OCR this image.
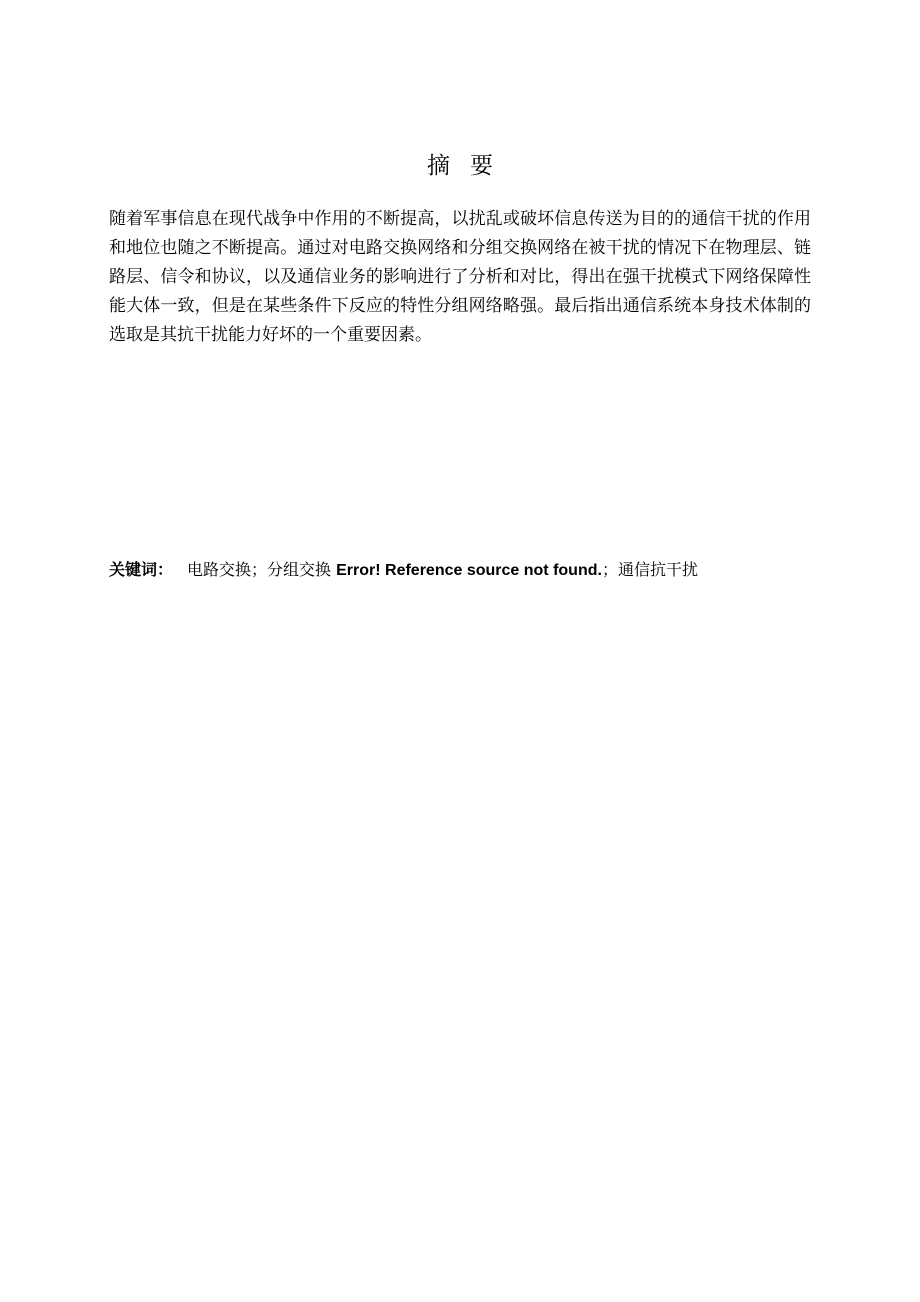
摘要

随着军事信息在现代战争中作用的不断提高，以扰乱或破坏信息传送为目的的通信干扰的作用和地位也随之不断提高。通过对电路交换网络和分组交换网络在被干扰的情况下在物理层、链路层、信令和协议，以及通信业务的影响进行了分析和对比，得出在强干扰模式下网络保障性能大体一致，但是在某些条件下反应的特性分组网络略强。最后指出通信系统本身技术体制的选取是其抗干扰能力好坏的一个重要因素。

关键词： 电路交换；分组交换 Error! Reference source not found.；通信抗干扰
